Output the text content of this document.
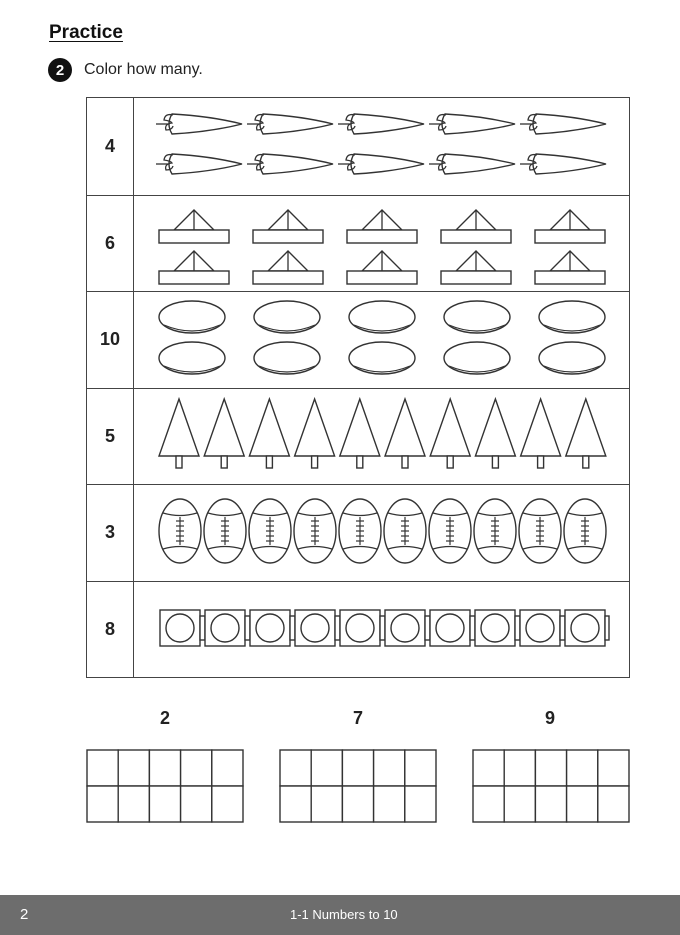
Practice
2	Color how many.
4
6
10
5
3
8
2	7	9
2	1-1 Numbers to 10
